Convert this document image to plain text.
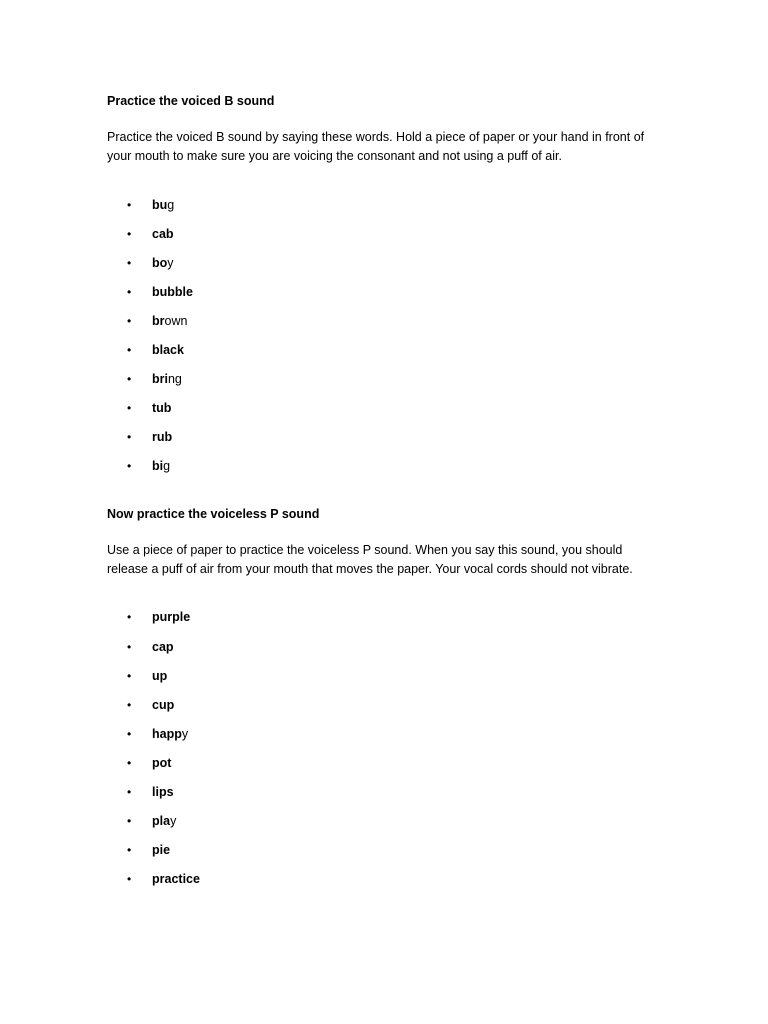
Practice the voiced B sound
Practice the voiced B sound by saying these words. Hold a piece of paper or your hand in front of
your mouth to make sure you are voicing the consonant and not using a puff of air.
• bug
• cab
• boy
• bubble
• brown
• black
• bring
• tub
• rub
• big
Now practice the voiceless P sound
Use a piece of paper to practice the voiceless P sound. When you say this sound, you should
release a puff of air from your mouth that moves the paper. Your vocal cords should not vibrate.
• purple
• cap
• up
• cup
• happy
• pot
• lips
• play
• pie
• practice
